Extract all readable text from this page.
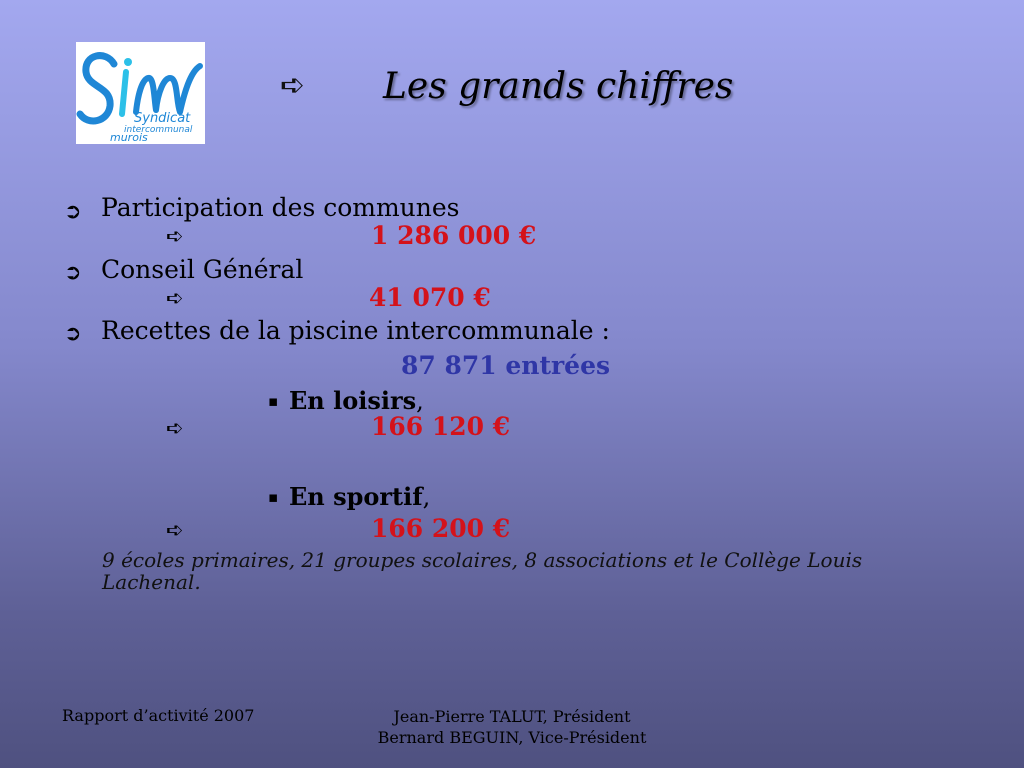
Syndicat
intercommunal
murois
➪ Les grands chiffres
➲ Participation des communes
➪	1 286 000 €
➲ Conseil Général
➪	41 070 €
➲ Recettes de la piscine intercommunale :
87 871 entrées
▪ En loisirs,
➪	166 120 €
▪ En sportif,
➪	166 200 €
9 écoles primaires, 21 groupes scolaires, 8 associations et le Collège Louis Lachenal.
Rapport d’activité 2007	Jean-Pierre TALUT, Président
Bernard BEGUIN, Vice-Président
